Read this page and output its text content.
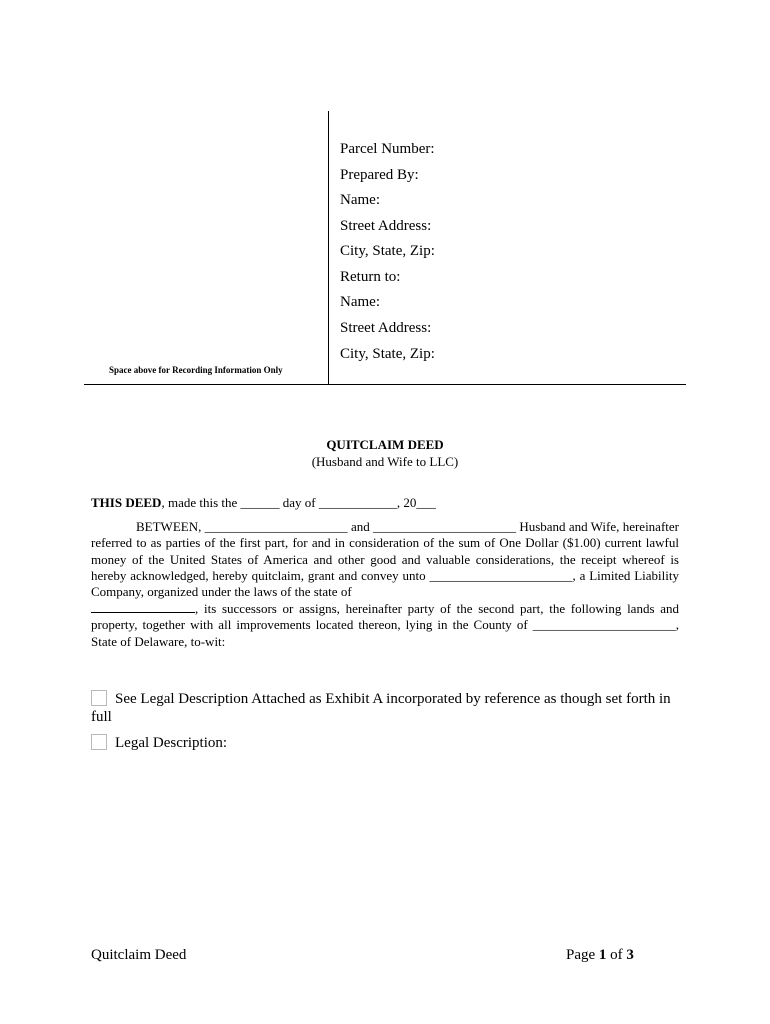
Parcel Number:
Prepared By:
Name:
Street Address:
City, State, Zip:
Return to:
Name:
Street Address:
City, State, Zip:
Space above for Recording Information Only
QUITCLAIM DEED
(Husband and Wife to LLC)
THIS DEED, made this the ______ day of ____________, 20___
BETWEEN, ______________________ and ______________________ Husband and Wife, hereinafter referred to as parties of the first part, for and in consideration of the sum of One Dollar ($1.00) current lawful money of the United States of America and other good and valuable considerations, the receipt whereof is hereby acknowledged, hereby quitclaim, grant and convey unto ______________________, a Limited Liability Company, organized under the laws of the state of
, its successors or assigns, hereinafter party of the second part, the following lands and property, together with all improvements located thereon, lying in the County of ______________________, State of Delaware, to-wit:
See Legal Description Attached as Exhibit A incorporated by reference as though set forth in full
Legal Description:
Quitclaim Deed	Page 1 of 3
